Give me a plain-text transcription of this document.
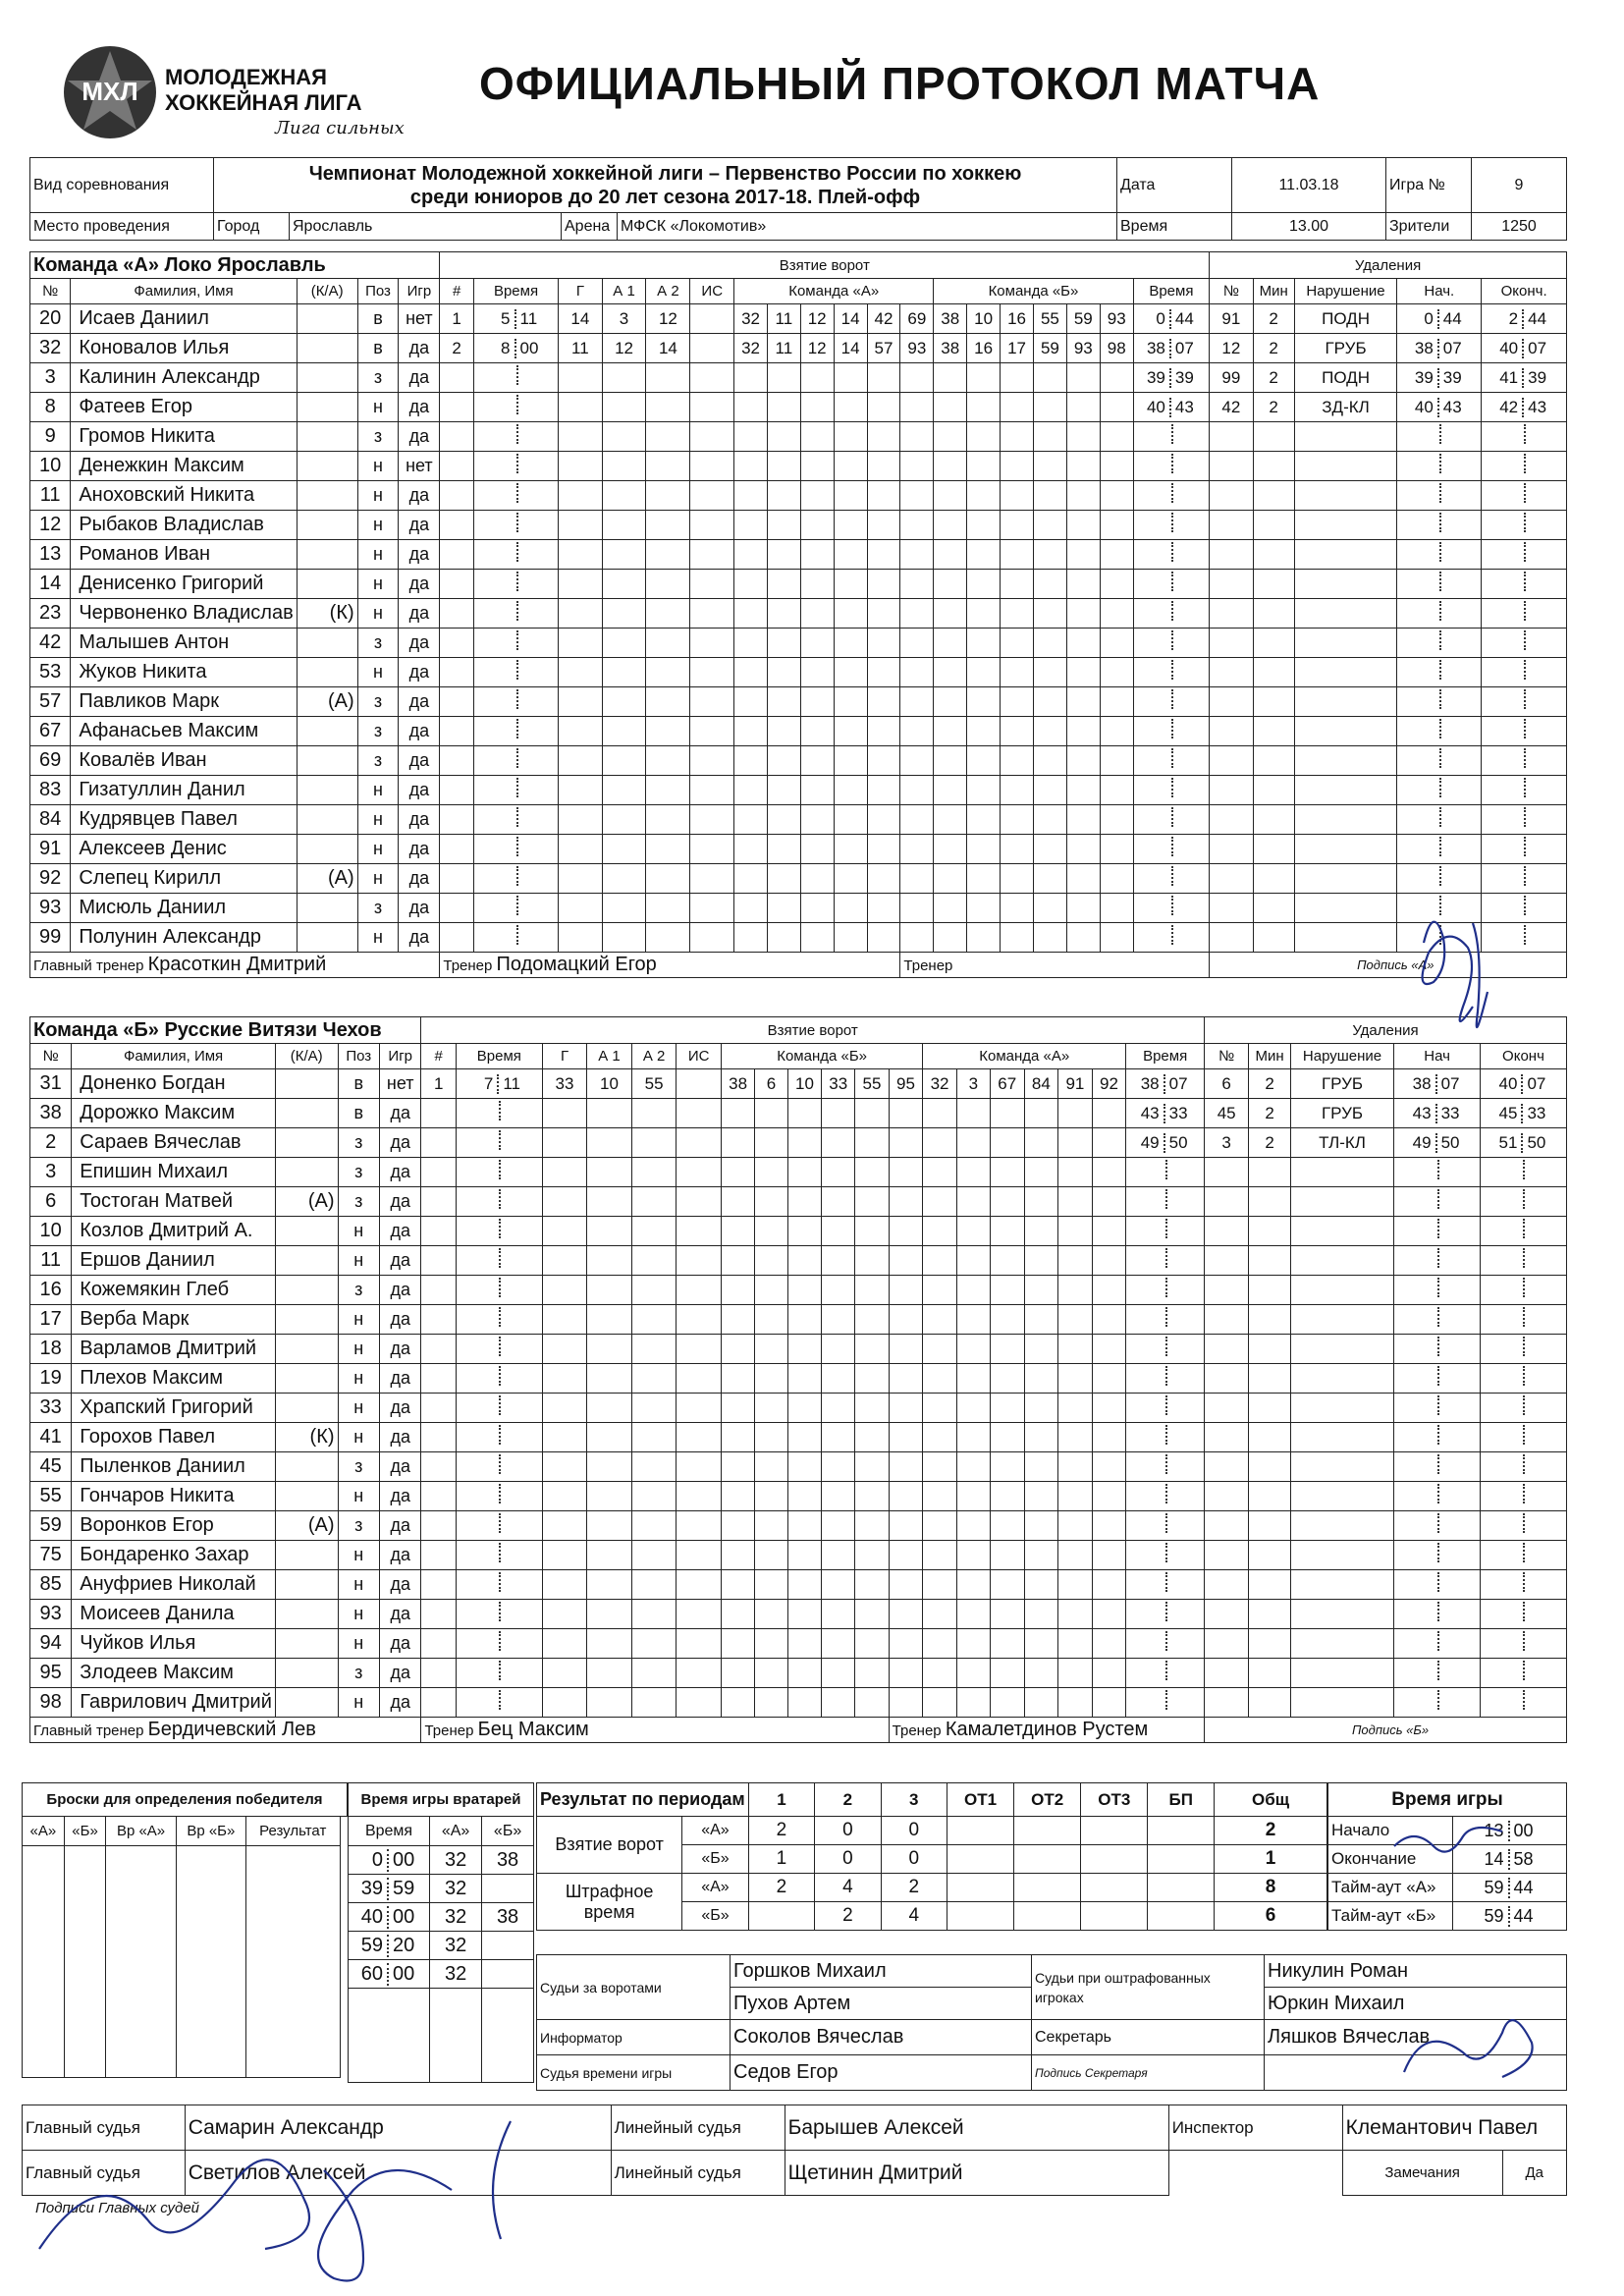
МХЛ	МОЛОДЕЖНАЯ
ХОККЕЙНАЯ ЛИГА
Лига сильных
ОФИЦИАЛЬНЫЙ ПРОТОКОЛ МАТЧА
Вид соревнования	Чемпионат Молодежной хоккейной лиги – Первенство России по хоккею
среди юниоров до 20 лет сезона 2017-18. Плей-офф				Дата	11.03.18	Игра №	9
Место проведения	Город	Ярославль	Арена	МФСК «Локомотив»	Время	13.00	Зрители	1250
Команда «А» Локо Ярославль					Взятие ворот																			Удаления				
№	Фамилия, Имя	(К/А)	Поз	Игр	#	Время	Г	А 1	А 2	ИС	Команда «А»						Команда «Б»						Время	№	Мин	Нарушение	Нач.	Оконч.
20	Исаев Даниил		в	нет	1	5 11	14	3	12		32	11	12	14	42	69	38	10	16	55	59	93	0 44	91	2	ПОДН	0 44	2 44
32	Коновалов Илья		в	да	2	8 00	11	12	14		32	11	12	14	57	93	38	16	17	59	93	98	38 07	12	2	ГРУБ	38 07	40 07
3	Калинин Александр		з	да																			39 39	99	2	ПОДН	39 39	41 39
8	Фатеев Егор		н	да																			40 43	42	2	ЗД-КЛ	40 43	42 43
9	Громов Никита		з	да																								
10	Денежкин Максим		н	нет																								
11	Аноховский Никита		н	да																								
12	Рыбаков Владислав		н	да																								
13	Романов Иван		н	да																								
14	Денисенко Григорий		н	да																								
23	Червоненко Владислав	(К)	н	да																								
42	Малышев Антон		з	да																								
53	Жуков Никита		н	да																								
57	Павликов Марк	(А)	з	да																								
67	Афанасьев Максим		з	да																								
69	Ковалёв Иван		з	да																								
83	Гизатуллин Данил		н	да																								
84	Кудрявцев Павел		н	да																								
91	Алексеев Денис		н	да																								
92	Слепец Кирилл	(А)	н	да																								
93	Мисюль Даниил		з	да																								
99	Полунин Александр		н	да																								
Главный тренер Красоткин Дмитрий					Тренер Подомацкий Егор											Тренер								Подпись «А»				
Команда «Б» Русские Витязи Чехов					Взятие ворот																			Удаления				
№	Фамилия, Имя	(К/А)	Поз	Игр	#	Время	Г	А 1	А 2	ИС	Команда «Б»						Команда «А»						Время	№	Мин	Нарушение	Нач	Оконч
31	Доненко Богдан		в	нет	1	7 11	33	10	55		38	6	10	33	55	95	32	3	67	84	91	92	38 07	6	2	ГРУБ	38 07	40 07
38	Дорожко Максим		в	да																			43 33	45	2	ГРУБ	43 33	45 33
2	Сараев Вячеслав		з	да																			49 50	3	2	ТЛ-КЛ	49 50	51 50
3	Епишин Михаил		з	да																								
6	Тостоган Матвей	(А)	з	да																								
10	Козлов Дмитрий А.		н	да																								
11	Ершов Даниил		н	да																								
16	Кожемякин Глеб		з	да																								
17	Верба Марк		н	да																								
18	Варламов Дмитрий		н	да																								
19	Плехов Максим		н	да																								
33	Храпский Григорий		н	да																								
41	Горохов Павел	(К)	н	да																								
45	Пыленков Даниил		з	да																								
55	Гончаров Никита		н	да																								
59	Воронков Егор	(А)	з	да																								
75	Бондаренко Захар		н	да																								
85	Ануфриев Николай		н	да																								
93	Моисеев Данила		н	да																								
94	Чуйков Илья		н	да																								
95	Злодеев Максим		з	да																								
98	Гаврилович Дмитрий		н	да																								
Главный тренер Бердичевский Лев					Тренер Бец Максим											Тренер Камалетдинов Рустем								Подпись «Б»				
Броски для определения победителя					
«А»	«Б»	Вр «А»	Вр «Б»	Результат	

Время игры вратарей		
Время	«А»	«Б»
0 00	32	38
39 59	32	
40 00	32	38
59 20	32	
60 00	32	

Результат по периодам		1	2	3	ОТ1	ОТ2	ОТ3	БП	Общ
Взятие ворот	«А»	2	0	0					2
	«Б»	1	0	0					1
Штрафное время	«А»	2	4	2					8
	«Б»		2	4					6
Время игры	
Начало	13 00
Окончание	14 58
Тайм-аут «А»	59 44
Тайм-аут «Б»	59 44
Судьи за воротами	Горшков Михаил	Судьи при оштрафованных игроках	Никулин Роман
	Пухов Артем		Юркин Михаил
Информатор	Соколов Вячеслав	Секретарь	Ляшков Вячеслав
Судья времени игры	Седов Егор	Подпись Секретаря	
Главный судья	Самарин Александр	Линейный судья	Барышев Алексей	Инспектор	Клемантович Павел	
Главный судья	Светилов Алексей	Линейный судья	Щетинин Дмитрий		Замечания	Да
Подписи Главных судей
